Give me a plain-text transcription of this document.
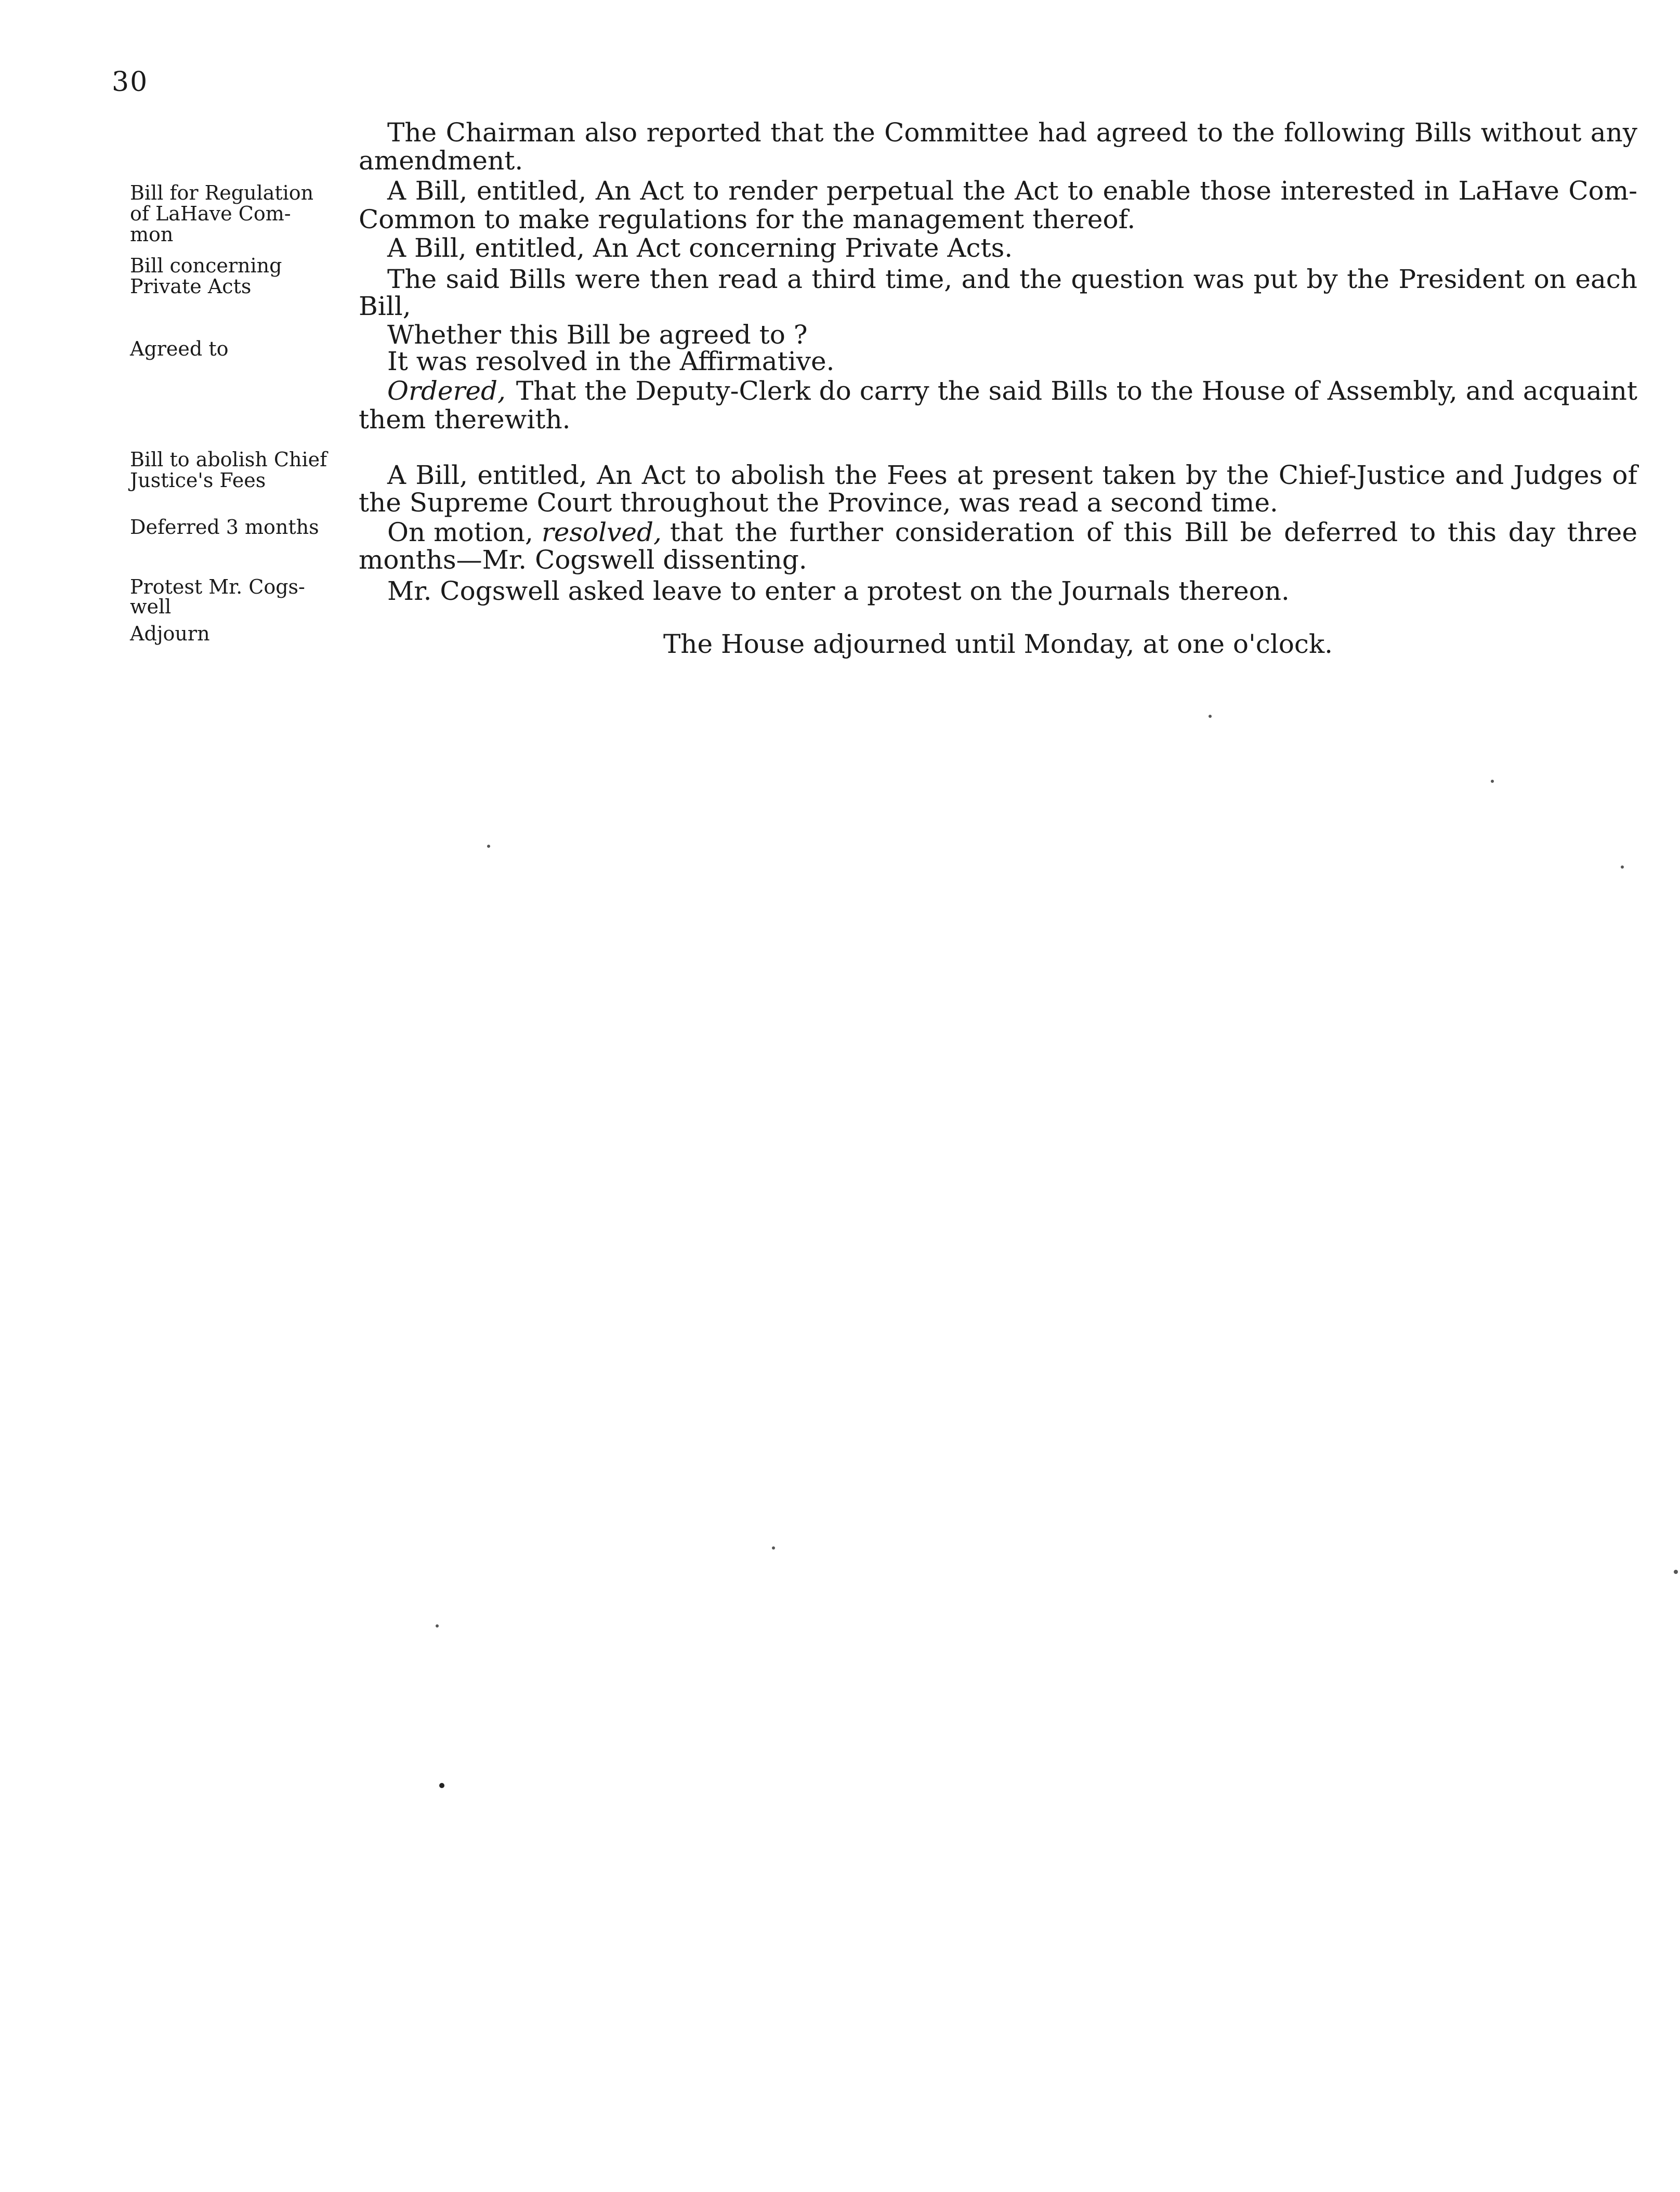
30
Bill for Regulation
of LaHave Com-
mon
Bill concerning
Private Acts
Agreed to
Bill to abolish Chief
Justice's Fees
Deferred 3 months
Protest Mr. Cogs-
well
Adjourn
The Chairman also reported that the Committee had agreed to the following Bills without any
amendment.
A Bill, entitled, An Act to render perpetual the Act to enable those interested in LaHave Com-
Common to make regulations for the management thereof.
A Bill, entitled, An Act concerning Private Acts.
The said Bills were then read a third time, and the question was put by the President on each
Bill,
Whether this Bill be agreed to ?
It was resolved in the Affirmative.
Ordered, That the Deputy-Clerk do carry the said Bills to the House of Assembly, and acquaint
them therewith.
A Bill, entitled, An Act to abolish the Fees at present taken by the Chief-Justice and Judges of
the Supreme Court throughout the Province, was read a second time.
On motion, resolved, that the further consideration of this Bill be deferred to this day three
months—Mr. Cogswell dissenting.
Mr. Cogswell asked leave to enter a protest on the Journals thereon.
The House adjourned until Monday, at one o'clock.
